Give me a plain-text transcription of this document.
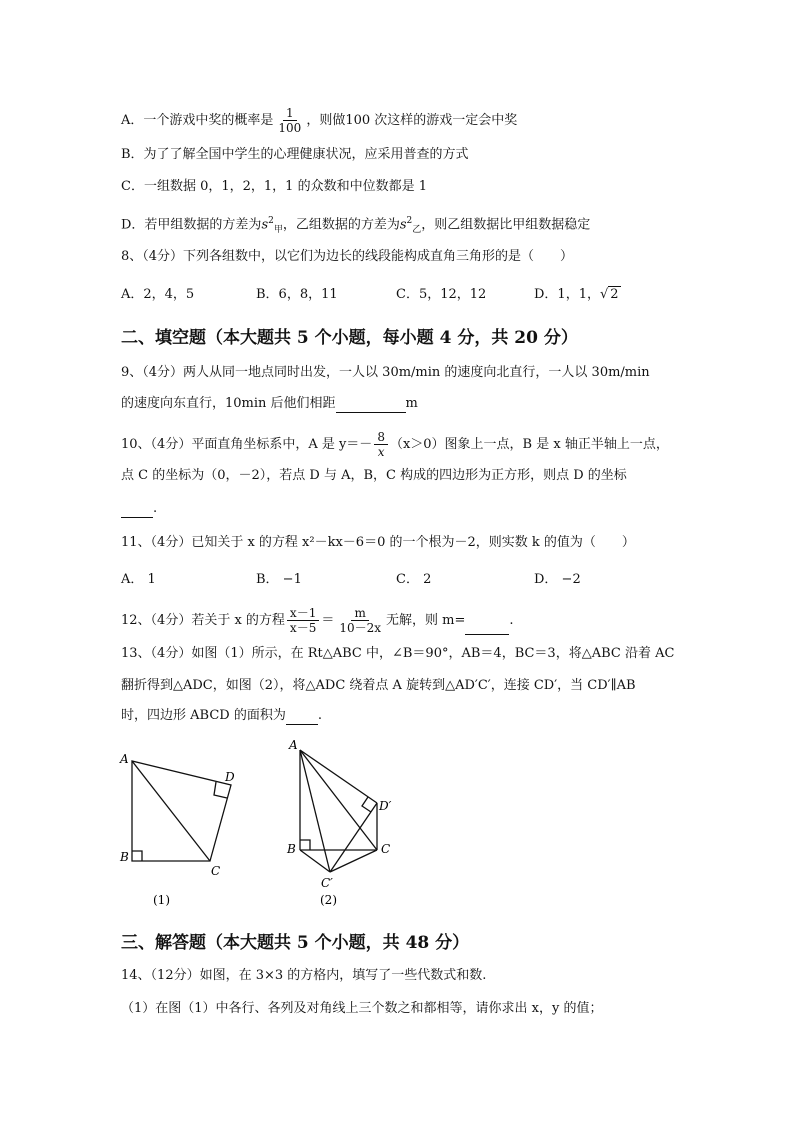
A．一个游戏中奖的概率是 $\frac{1}{100}$ ，则做100 次这样的游戏一定会中奖
B．为了了解全国中学生的心理健康状况，应采用普查的方式
C．一组数据 0，1，2，1，1 的众数和中位数都是 1
D．若甲组数据的方差为$s^2_甲$，乙组数据的方差为$s^2_乙$，则乙组数据比甲组数据稳定
8、（4分）下列各组数中，以它们为边长的线段能构成直角三角形的是（　　）
A．2，4，5	B．6，8，11	C．5，12，12	D．1，1，√ 2
二、填空题（本大题共 5 个小题，每小题 4 分，共 20 分）
9、（4分）两人从同一地点同时出发，一人以 30m/min 的速度向北直行，一人以 30m/min
的速度向东直行，10min 后他们相距	m
10、（4分）平面直角坐标系中，A 是 $y=- \frac{8}{x} (x>0)$图象上一点，B 是 x 轴正半轴上一点，
点 C 的坐标为（0，－2），若点 D 与 A，B，C 构成的四边形为正方形，则点 D 的坐标
.
11、（4分）已知关于 x 的方程 x²－kx－6＝0 的一个根为－2，则实数 k 的值为（　　）
A． 1	B． −1	C． 2	D． −2
12、（4分）若关于 x 的方程 $\frac{x-1}{x-5} = \frac{m}{10-2x}$ 无解，则 m=	.
13、（4分）如图（1）所示，在 Rt△ABC 中，∠B＝90°，AB＝4，BC＝3，将△ABC 沿着 AC
翻折得到△ADC，如图（2），将△ADC 绕着点 A 旋转到△AD′C′，连接 CD′，当 CD′∥AB
时，四边形 ABCD 的面积为 .
A
B
C
D
(1)
A
B	C
D′
C′
(2)
三、解答题（本大题共 5 个小题，共 48 分）
14、（12分）如图，在 3×3 的方格内，填写了一些代数式和数.
（1）在图（1）中各行、各列及对角线上三个数之和都相等，请你求出 x，y 的值；
